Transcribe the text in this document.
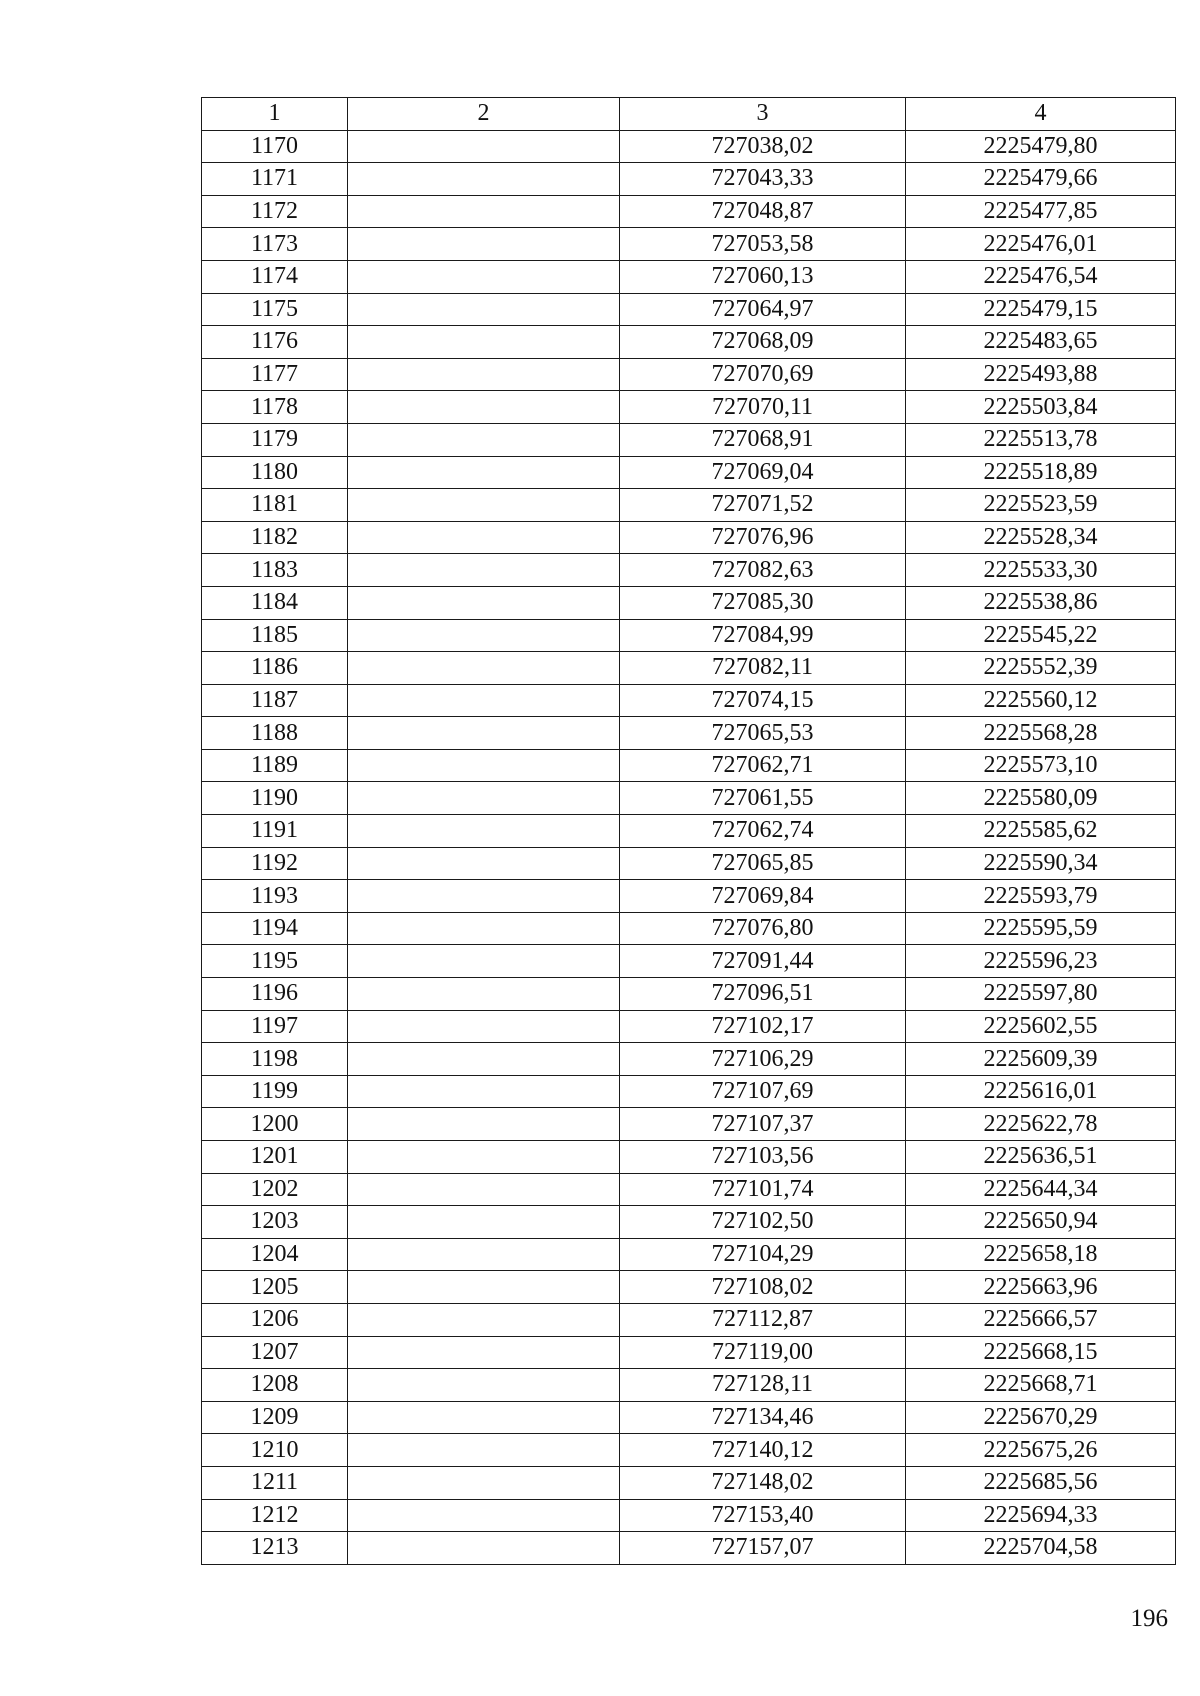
1	2	3	4
1170		727038,02	2225479,80
1171		727043,33	2225479,66
1172		727048,87	2225477,85
1173		727053,58	2225476,01
1174		727060,13	2225476,54
1175		727064,97	2225479,15
1176		727068,09	2225483,65
1177		727070,69	2225493,88
1178		727070,11	2225503,84
1179		727068,91	2225513,78
1180		727069,04	2225518,89
1181		727071,52	2225523,59
1182		727076,96	2225528,34
1183		727082,63	2225533,30
1184		727085,30	2225538,86
1185		727084,99	2225545,22
1186		727082,11	2225552,39
1187		727074,15	2225560,12
1188		727065,53	2225568,28
1189		727062,71	2225573,10
1190		727061,55	2225580,09
1191		727062,74	2225585,62
1192		727065,85	2225590,34
1193		727069,84	2225593,79
1194		727076,80	2225595,59
1195		727091,44	2225596,23
1196		727096,51	2225597,80
1197		727102,17	2225602,55
1198		727106,29	2225609,39
1199		727107,69	2225616,01
1200		727107,37	2225622,78
1201		727103,56	2225636,51
1202		727101,74	2225644,34
1203		727102,50	2225650,94
1204		727104,29	2225658,18
1205		727108,02	2225663,96
1206		727112,87	2225666,57
1207		727119,00	2225668,15
1208		727128,11	2225668,71
1209		727134,46	2225670,29
1210		727140,12	2225675,26
1211		727148,02	2225685,56
1212		727153,40	2225694,33
1213		727157,07	2225704,58
196
